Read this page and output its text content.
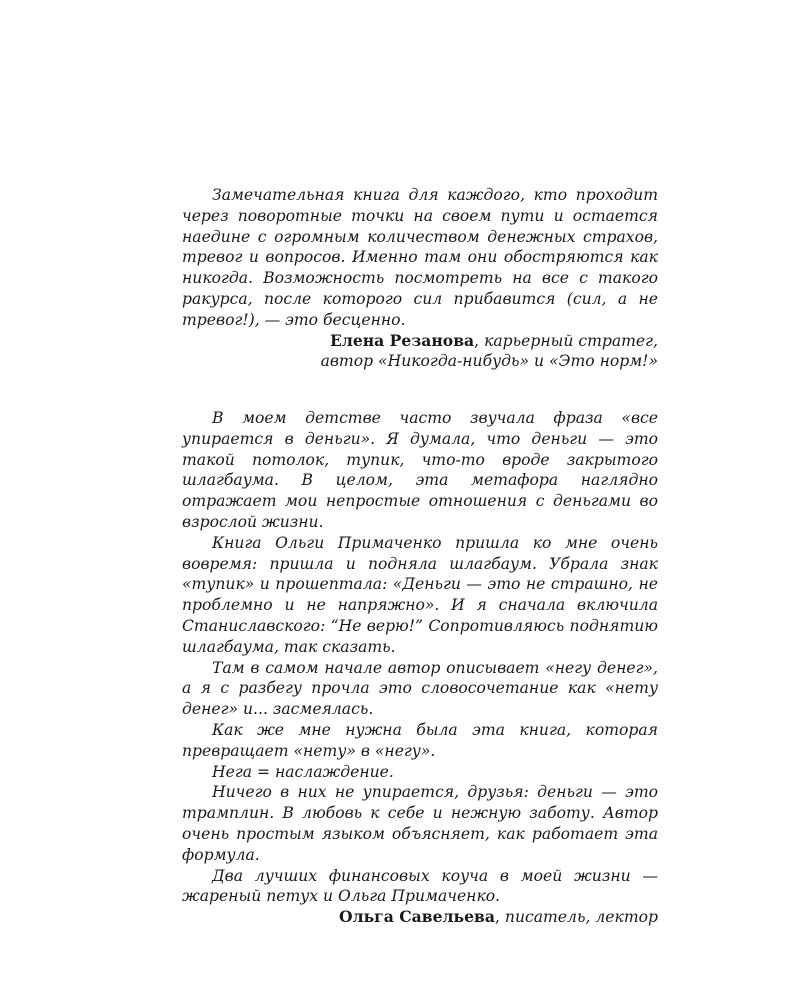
Замечательная книга для каждого, кто проходит через поворотные точки на своем пути и остается наедине с огромным количеством денежных страхов, тревог и вопросов. Именно там они обостряются как никогда. Возможность посмотреть на все с такого ракурса, после которого сил прибавится (сил, а не тревог!), — это бесценно.

Елена Резанова, карьерный стратег,
автор «Никогда-нибудь» и «Это норм!»

В моем детстве часто звучала фраза «все упирается в деньги». Я думала, что деньги — это такой потолок, тупик, что-то вроде закрытого шлагбаума. В целом, эта метафора наглядно отражает мои непростые отношения с деньгами во взрослой жизни.

Книга Ольги Примаченко пришла ко мне очень вовремя: пришла и подняла шлагбаум. Убрала знак «тупик» и прошептала: «Деньги — это не страшно, не проблемно и не напряжно». И я сначала включила Станиславского: “Не верю!” Сопротивляюсь поднятию шлагбаума, так сказать.

Там в самом начале автор описывает «негу денег», а я с разбегу прочла это словосочетание как «нету денег» и... засмеялась.

Как же мне нужна была эта книга, которая превращает «нету» в «негу».

Нега = наслаждение.

Ничего в них не упирается, друзья: деньги — это трамплин. В любовь к себе и нежную заботу. Автор очень простым языком объясняет, как работает эта формула.

Два лучших финансовых коуча в моей жизни — жареный петух и Ольга Примаченко.

Ольга Савельева, писатель, лектор
